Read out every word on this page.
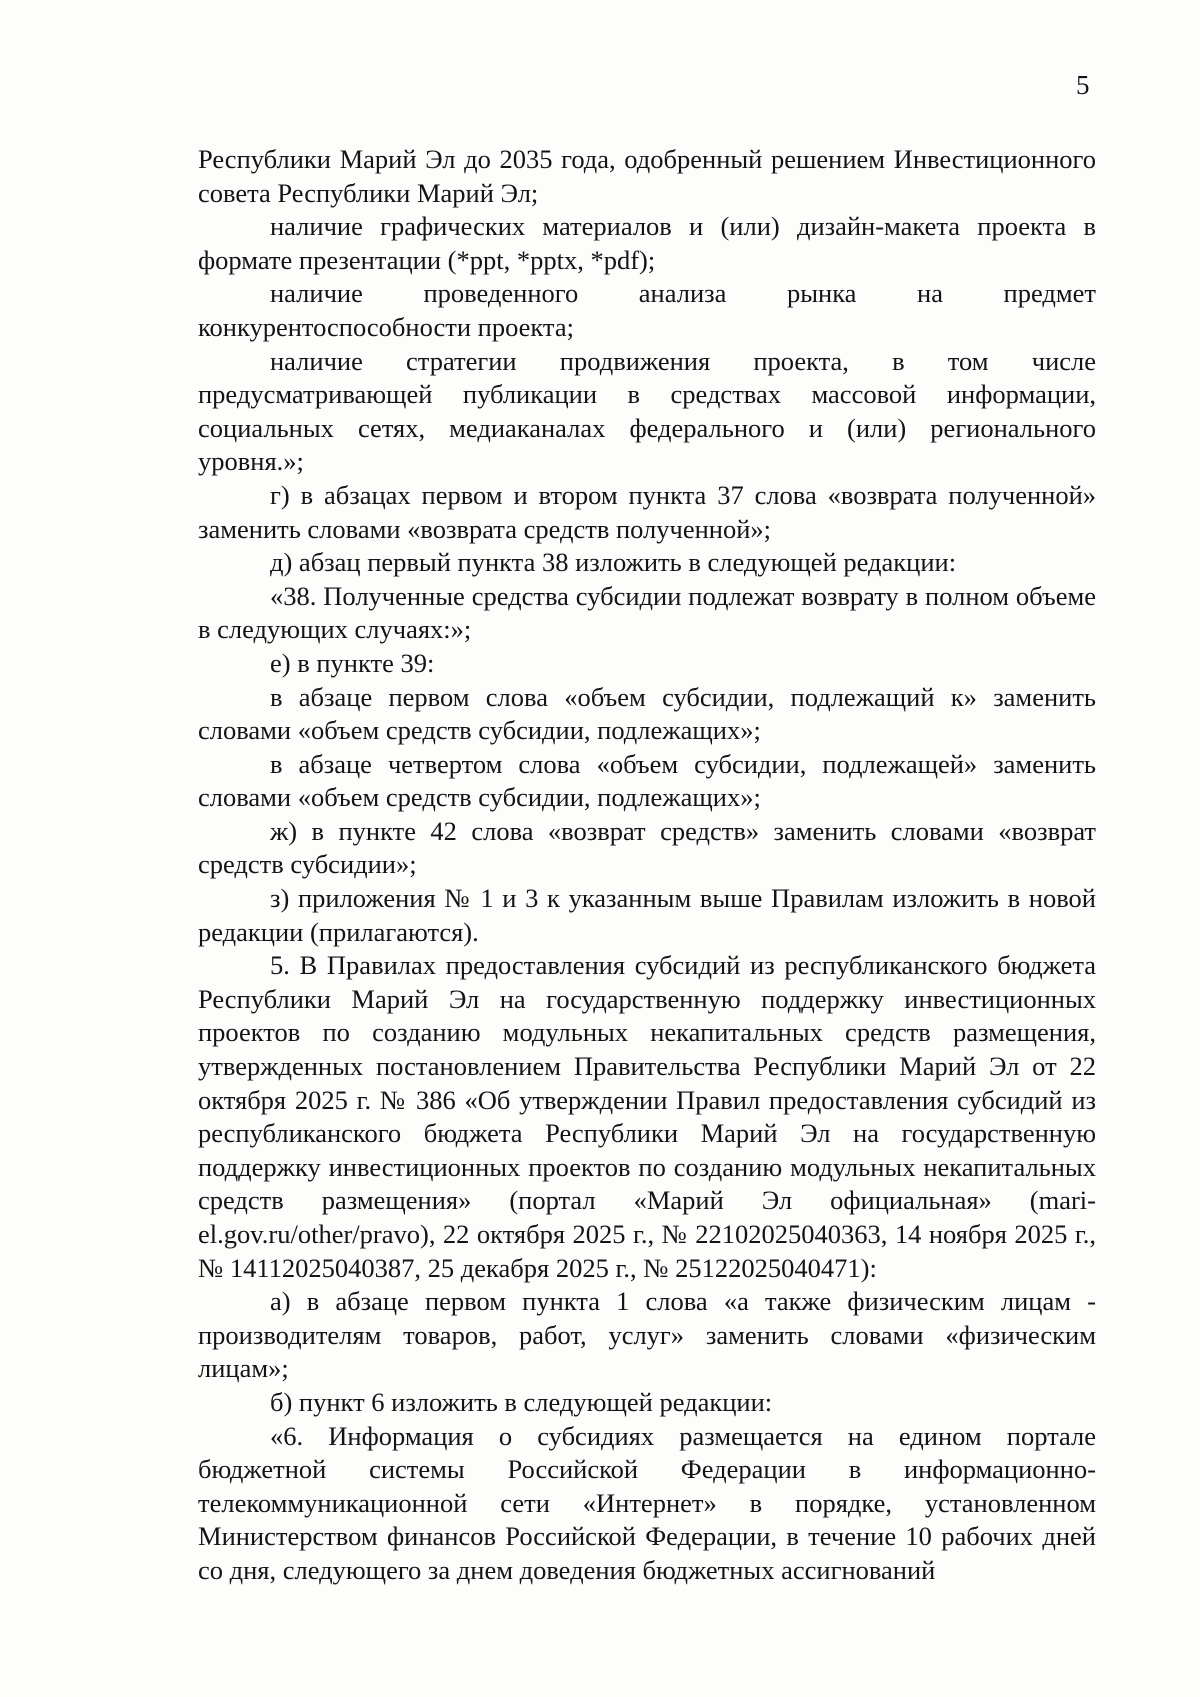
5

Республики Марий Эл до 2035 года, одобренный решением Инвестиционного совета Республики Марий Эл;

наличие графических материалов и (или) дизайн-макета проекта в формате презентации (*ppt, *pptx, *pdf);

наличие проведенного анализа рынка на предмет конкурентоспособности проекта;

наличие стратегии продвижения проекта, в том числе предусматривающей публикации в средствах массовой информации, социальных сетях, медиаканалах федерального и (или) регионального уровня.»;

г) в абзацах первом и втором пункта 37 слова «возврата полученной» заменить словами «возврата средств полученной»;

д) абзац первый пункта 38 изложить в следующей редакции:

«38. Полученные средства субсидии подлежат возврату в полном объеме в следующих случаях:»;

е) в пункте 39:

в абзаце первом слова «объем субсидии, подлежащий к» заменить словами «объем средств субсидии, подлежащих»;

в абзаце четвертом слова «объем субсидии, подлежащей» заменить словами «объем средств субсидии, подлежащих»;

ж) в пункте 42 слова «возврат средств» заменить словами «возврат средств субсидии»;

з) приложения № 1 и 3 к указанным выше Правилам изложить в новой редакции (прилагаются).

5. В Правилах предоставления субсидий из республиканского бюджета Республики Марий Эл на государственную поддержку инвестиционных проектов по созданию модульных некапитальных средств размещения, утвержденных постановлением Правительства Республики Марий Эл от 22 октября 2025 г. № 386 «Об утверждении Правил предоставления субсидий из республиканского бюджета Республики Марий Эл на государственную поддержку инвестиционных проектов по созданию модульных некапитальных средств размещения» (портал «Марий Эл официальная» (mari-el.gov.ru/other/pravo), 22 октября 2025 г., № 22102025040363, 14 ноября 2025 г., № 14112025040387, 25 декабря 2025 г., № 25122025040471):

а) в абзаце первом пункта 1 слова «а также физическим лицам - производителям товаров, работ, услуг» заменить словами «физическим лицам»;

б) пункт 6 изложить в следующей редакции:

«6. Информация о субсидиях размещается на едином портале бюджетной системы Российской Федерации в информационно-телекоммуникационной сети «Интернет» в порядке, установленном Министерством финансов Российской Федерации, в течение 10 рабочих дней со дня, следующего за днем доведения бюджетных ассигнований
